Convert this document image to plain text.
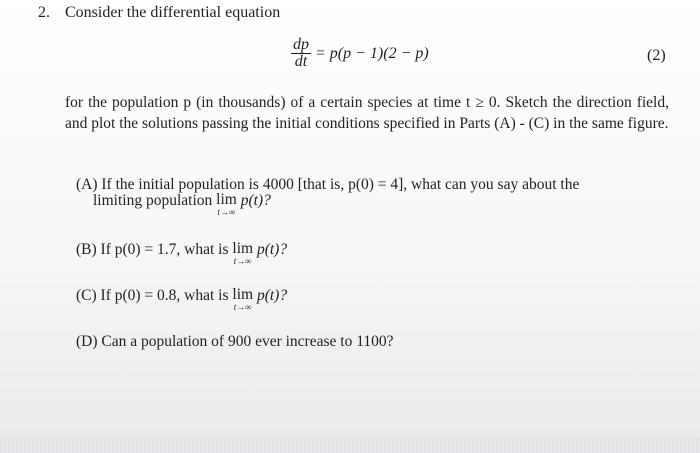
2. Consider the differential equation
$\frac{dp}{dt} = p(p - 1)(2 - p)$	(2)
for the population p (in thousands) of a certain species at time t ≥ 0. Sketch the direction field, and plot the solutions passing the initial conditions specified in Parts (A) - (C) in the same figure.
(A) If the initial population is 4000 [that is, p(0) = 4], what can you say about the
limiting population lim
t→∞
p(t)?
(B) If p(0) = 1.7, what is lim
t→∞
p(t)?
(C) If p(0) = 0.8, what is lim
t→∞
p(t)?
(D) Can a population of 900 ever increase to 1100?
